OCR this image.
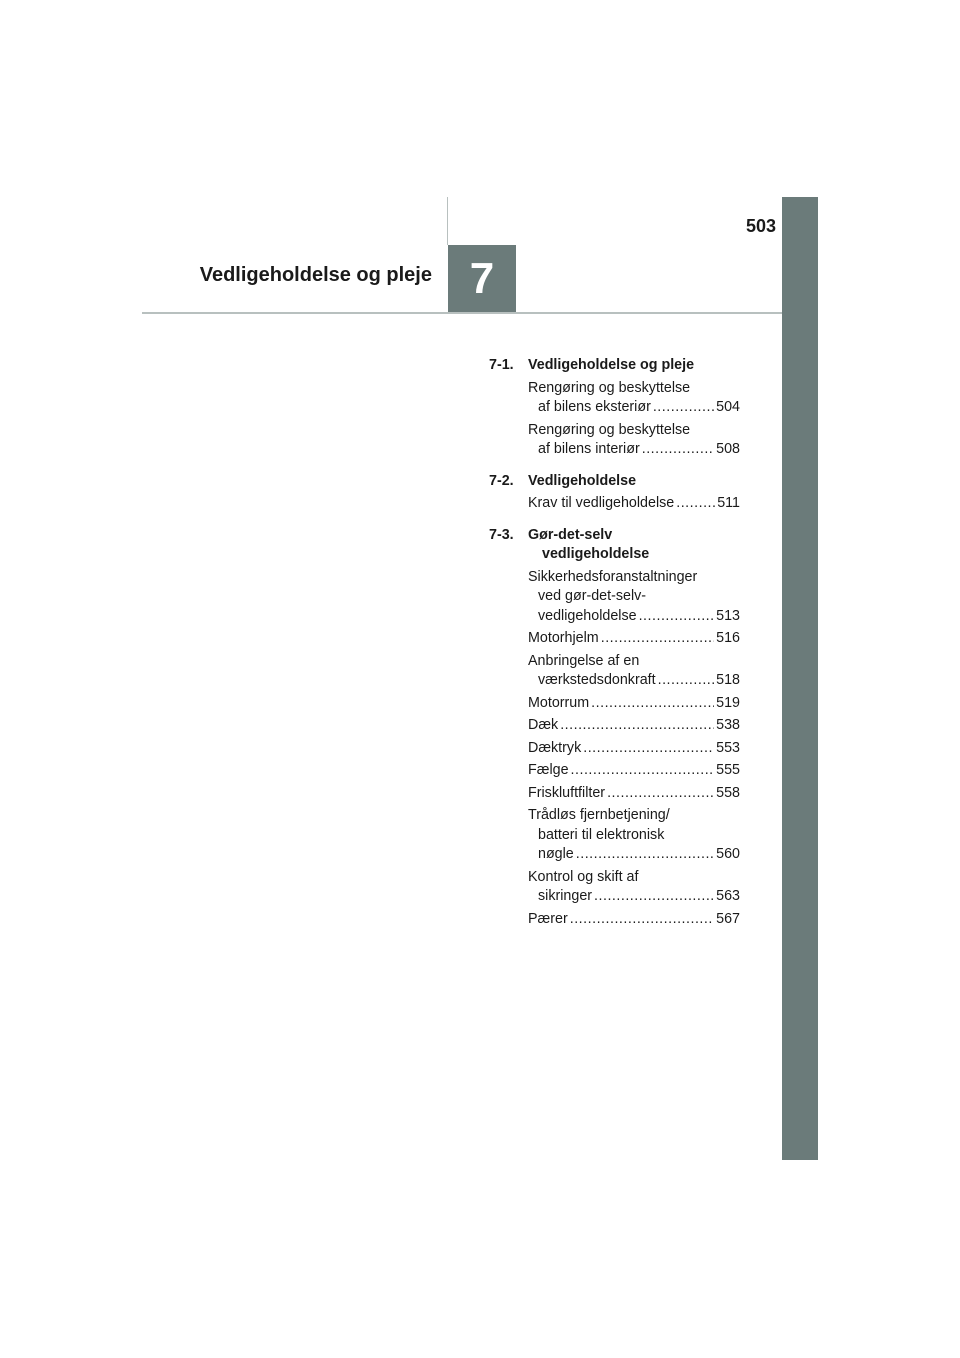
503
Vedligeholdelse og pleje 7
7-1. Vedligeholdelse og pleje
Rengøring og beskyttelse
af bilens eksteriør .....	504
Rengøring og beskyttelse
af bilens interiør .....	508
7-2. Vedligeholdelse
Krav til vedligeholdelse .....	511
7-3. Gør-det-selv
vedligeholdelse
Sikkerhedsforanstaltninger
ved gør-det-selv-
vedligeholdelse .....	513
Motorhjelm .....	516
Anbringelse af en
værkstedsdonkraft .....	518
Motorrum .....	519
Dæk .....	538
Dæktryk .....	553
Fælge .....	555
Friskluftfilter .....	558
Trådløs fjernbetjening/
batteri til elektronisk
nøgle .....	560
Kontrol og skift af
sikringer .....	563
Pærer .....	567
